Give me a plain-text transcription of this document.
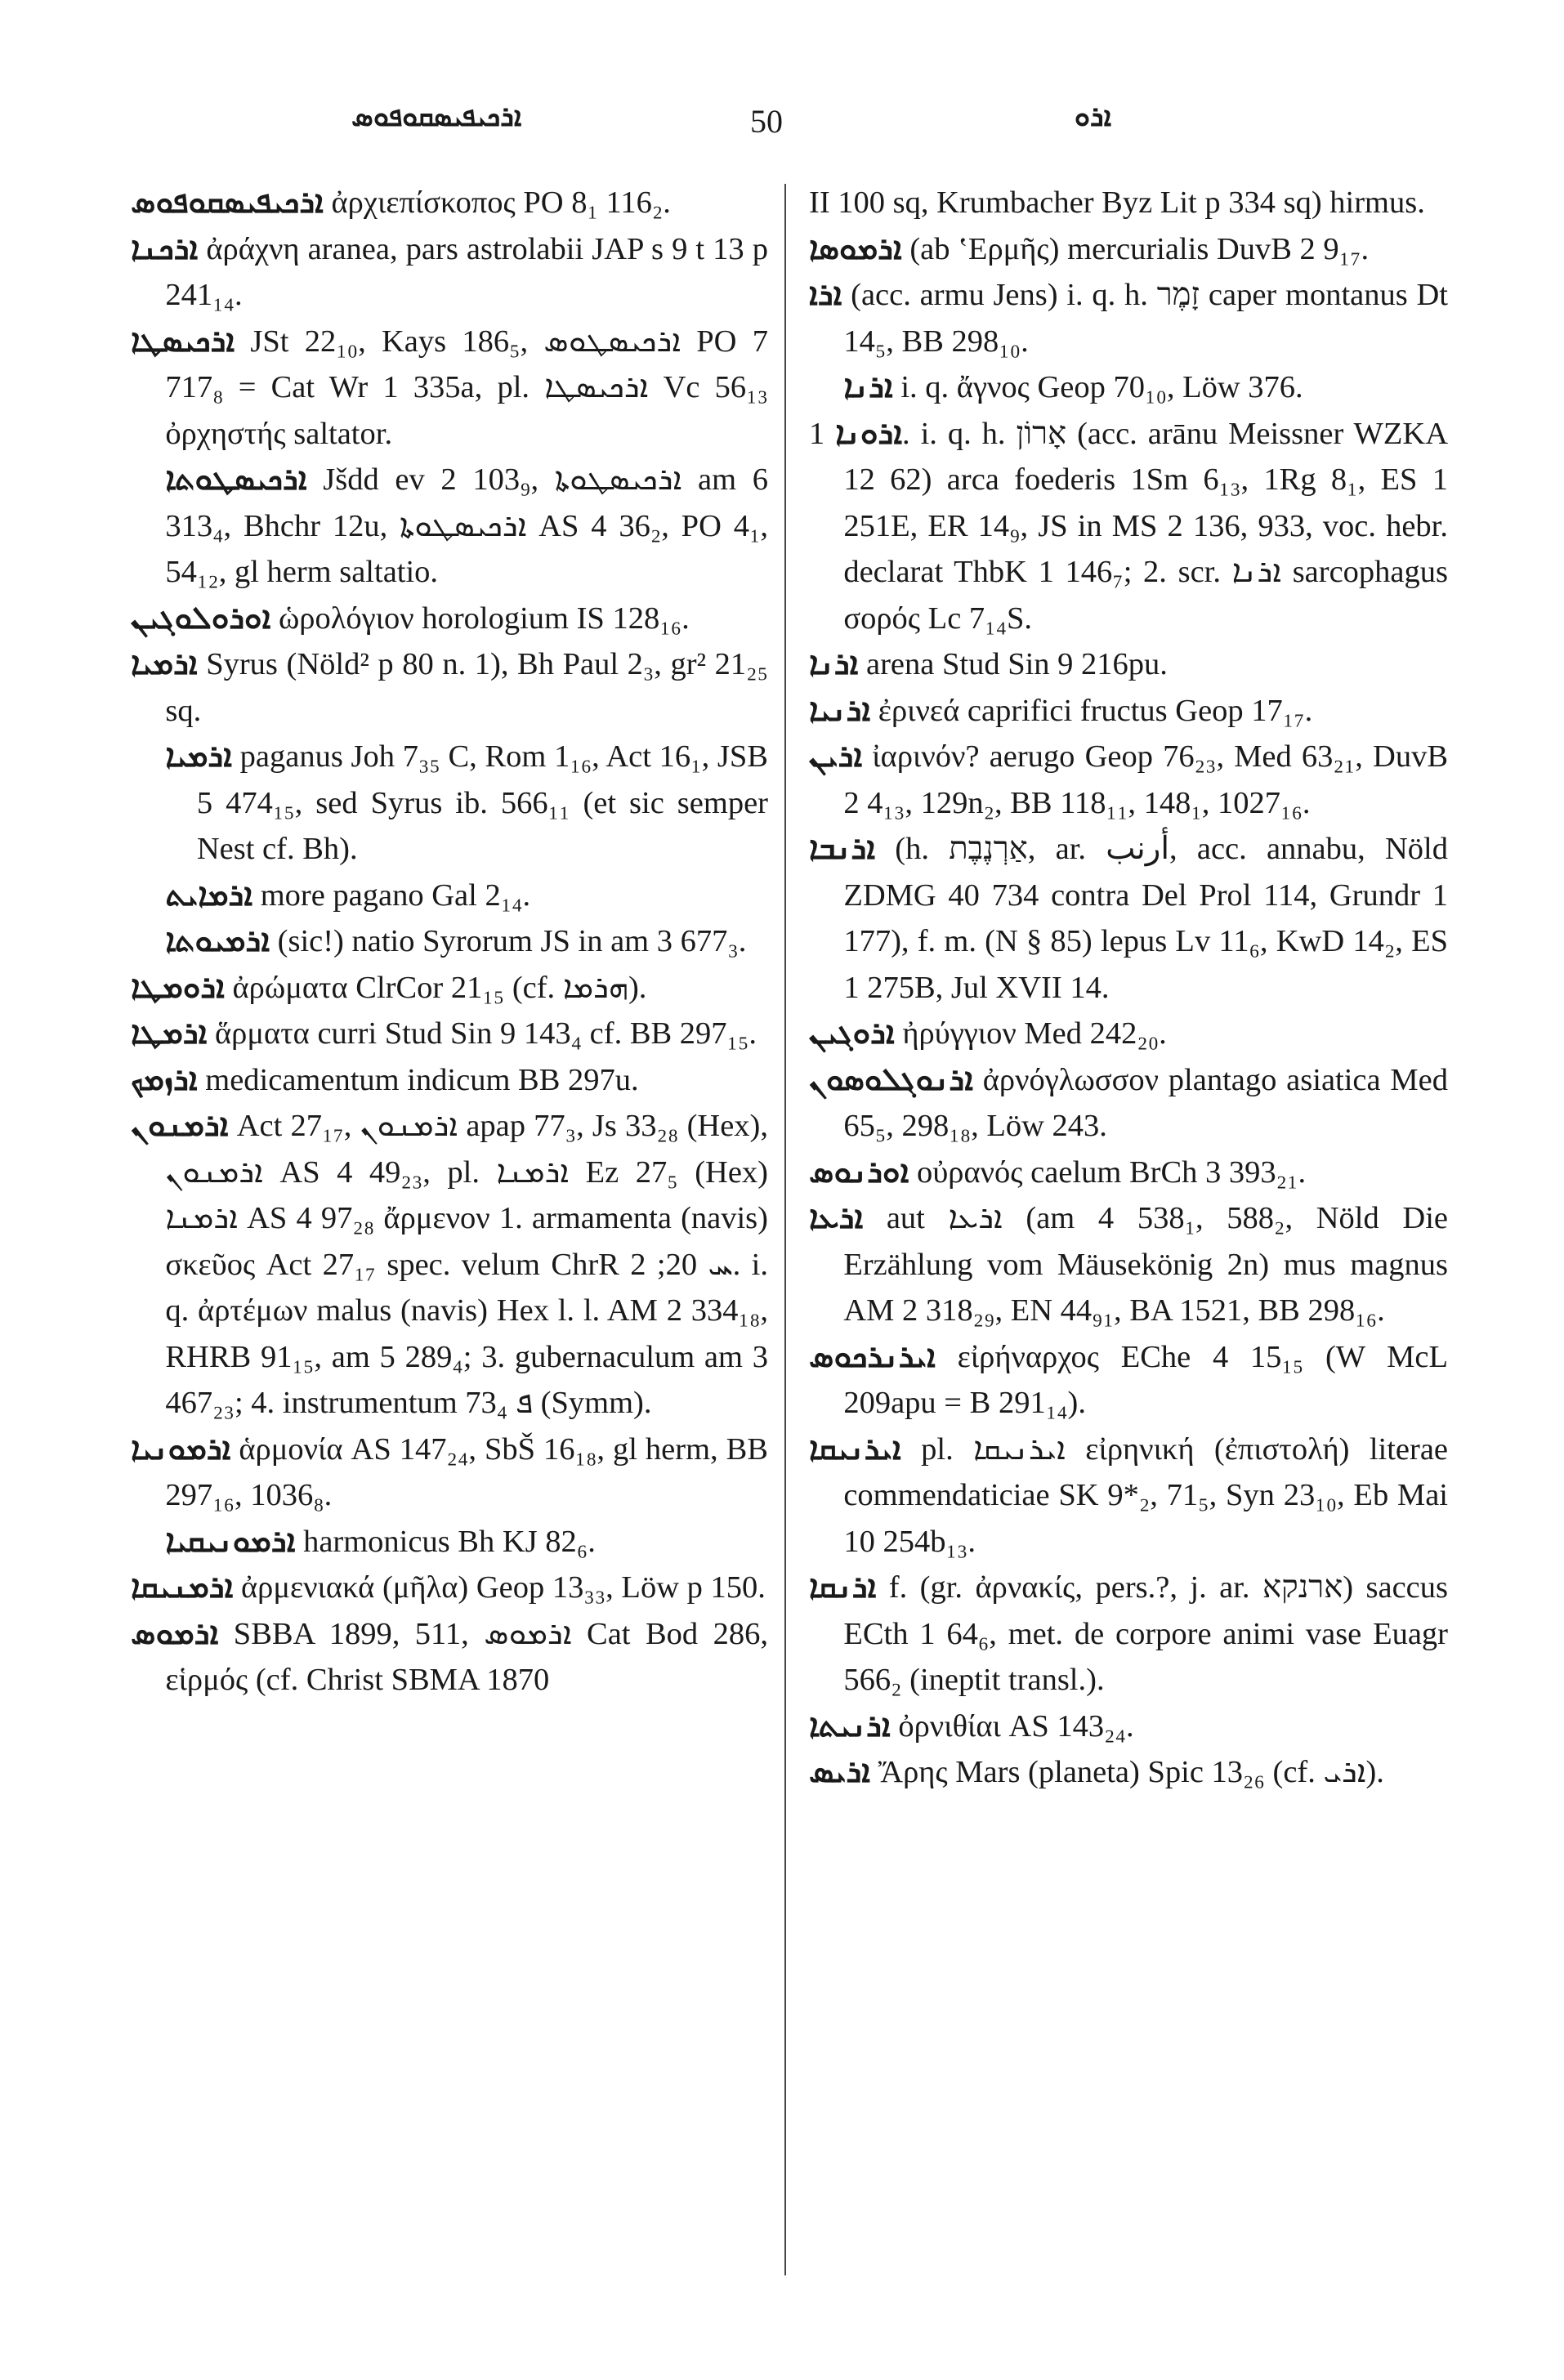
ܐܪܟܝܦܝܣܩܘܦܘܣ	50	ܐܪܘ

ܐܪܟܝܦܝܣܩܘܦܘܣ ἀρχιεπίσκοπος PO 8₁ 116₂.

ܐܪܟܢܐ ἀράχνη aranea, pars astrolabii JAP s 9 t 13 p 241₁₄.

ܐܪܟܝܣܛܐ JSt 22₁₀, Kays 186₅, ܐܪܟܝܣܛܘܣ PO 7 717₈ = Cat Wr 1 335a, pl. ܐܪܟܝܣܛܐ Vc 56₁₃ ὀρχηστής saltator.

ܐܪܟܝܣܛܘܬܐ Jšdd ev 2 103₉, ܐܪܟܝܣܛܘܬܐ am 6 313₄, Bhchr 12u, ܐܪܟܝܣܛܘܬܐ AS 4 36₂, PO 4₁, 54₁₂, gl herm saltatio.

ܐܘܪܘܠܘܓܝܢ ὡρολόγιον horologium IS 128₁₆.

ܐܪܡܝܐ Syrus (Nöld² p 80 n. 1), Bh Paul 2₃, gr² 21₂₅ sq.

ܐܪܡܝܐ paganus Joh 7₃₅ C, Rom 1₁₆, Act 16₁, JSB 5 474₁₅, sed Syrus ib. 566₁₁ (et sic semper Nest cf. Bh).

ܐܪܡܐܝܬ more pagano Gal 2₁₄.

ܐܪܡܝܘܬܐ (sic!) natio Syrorum JS in am 3 677₃.

ܐܪܘܡܛܐ ἀρώματα ClrCor 21₁₅ (cf. ܗܪܡܐ).

ܐܪܡܛܐ ἅρματα curri Stud Sin 9 143₄ cf. BB 297₁₅.

ܐܪܙܡܟ medicamentum indicum BB 297u.

ܐܪܡܢܘܢ Act 27₁₇, ܐܪܡܢܘܢ apap 77₃, Js 33₂₈ (Hex), ܐܪܡܢܘܢ AS 4 49₂₃, pl. ܐܪܡܢܐ Ez 27₅ (Hex) ܐܪܡܢܐ AS 4 97₂₈ ἄρμενον 1. armamenta (navis) σκεῦος Act 27₁₇ spec. velum ChrR ܚ 20; 2. i. q. ἀρτέμων malus (navis) Hex l. l. AM 2 334₁₈, RHRB 91₁₅, am 5 289₄; 3. gubernaculum am 3 467₂₃; 4. instrumentum ܦ 73₄ (Symm).

ܐܪܡܘܢܝܐ ἁρμονία AS 147₂₄, SbŠ 16₁₈, gl herm, BB 297₁₆, 1036₈.

ܐܪܡܘܢܝܩܝܐ harmonicus Bh KJ 82₆.

ܐܪܡܢܝܩܐ ἀρμενιακά (μῆλα) Geop 13₃₃, Löw p 150.

ܐܪܡܘܣ SBBA 1899, 511, ܐܪܡܘܣ Cat Bod 286, εἱρμός (cf. Christ SBMA 1870

II 100 sq, Krumbacher Byz Lit p 334 sq) hirmus.

ܐܪܡܘܣܐ (ab ʽΕρμῆς) mercurialis DuvB 2 9₁₇.

ܐܪܐ (acc. armu Jens) i. q. h. זָמֶר caper montanus Dt 14₅, BB 298₁₀.

ܐܪܢܐ i. q. ἄγνος Geop 70₁₀, Löw 376.

ܐܪܘܢܐ 1. i. q. h. אָרוֹן (acc. arānu Meissner WZKA 12 62) arca foederis 1Sm 6₁₃, 1Rg 8₁, ES 1 251E, ER 14₉, JS in MS 2 136, 933, voc. hebr. declarat ThbK 1 146₇; 2. scr. ܐܪܢܐ sarcophagus σορός Lc 7₁₄S.

ܐܪܢܐ arena Stud Sin 9 216pu.

ܐܪܢܝܐ ἐρινεά caprifici fructus Geop 17₁₇.

ܐܪܝܢ ἰαρινόν? aerugo Geop 76₂₃, Med 63₂₁, DuvB 2 4₁₃, 129n₂, BB 118₁₁, 148₁, 1027₁₆.

ܐܪܢܒܐ (h. אַרְנֶבֶת, ar. أرنب, acc. annabu, Nöld ZDMG 40 734 contra Del Prol 114, Grundr 1 177), f. m. (N § 85) lepus Lv 11₆, KwD 14₂, ES 1 275B, Jul XVII 14.

ܐܪܘܓܝܢ ἠρύγγιον Med 242₂₀.

ܐܪܢܘܓܠܘܣܘܢ ἀρνόγλωσσον plantago asiatica Med 65₅, 298₁₈, Löw 243.

ܐܘܪܢܘܣ οὐρανός caelum BrCh 3 393₂₁.

ܐܪܥܐ aut ܐܪܥܐ (am 4 538₁, 588₂, Nöld Die Erzählung vom Mäusekönig 2n) mus magnus AM 2 318₂₉, EN 44₉₁, BA 1521, BB 298₁₆.

ܐܝܪܢܪܟܘܣ εἰρήναρχος EChe 4 15₁₅ (W McL 209apu = B 291₁₄).

ܐܝܪܢܝܩܐ pl. ܐܝܪܢܝܩܐ εἰρηνική (ἐπιστολή) literae commendaticiae SK 9*₂, 71₅, Syn 23₁₀, Eb Mai 10 254b₁₃.

ܐܪܢܩܐ f. (gr. ἀρνακίς, pers.?, j. ar. ארנקא) saccus ECth 1 64₆, met. de corpore animi vase Euagr 566₂ (ineptit transl.).

ܐܪܢܝܬܐ ὀρνιθίαι AS 143₂₄.

ܐܪܝܣ Ἄρης Mars (planeta) Spic 13₂₆ (cf. ܐܪܝ).
